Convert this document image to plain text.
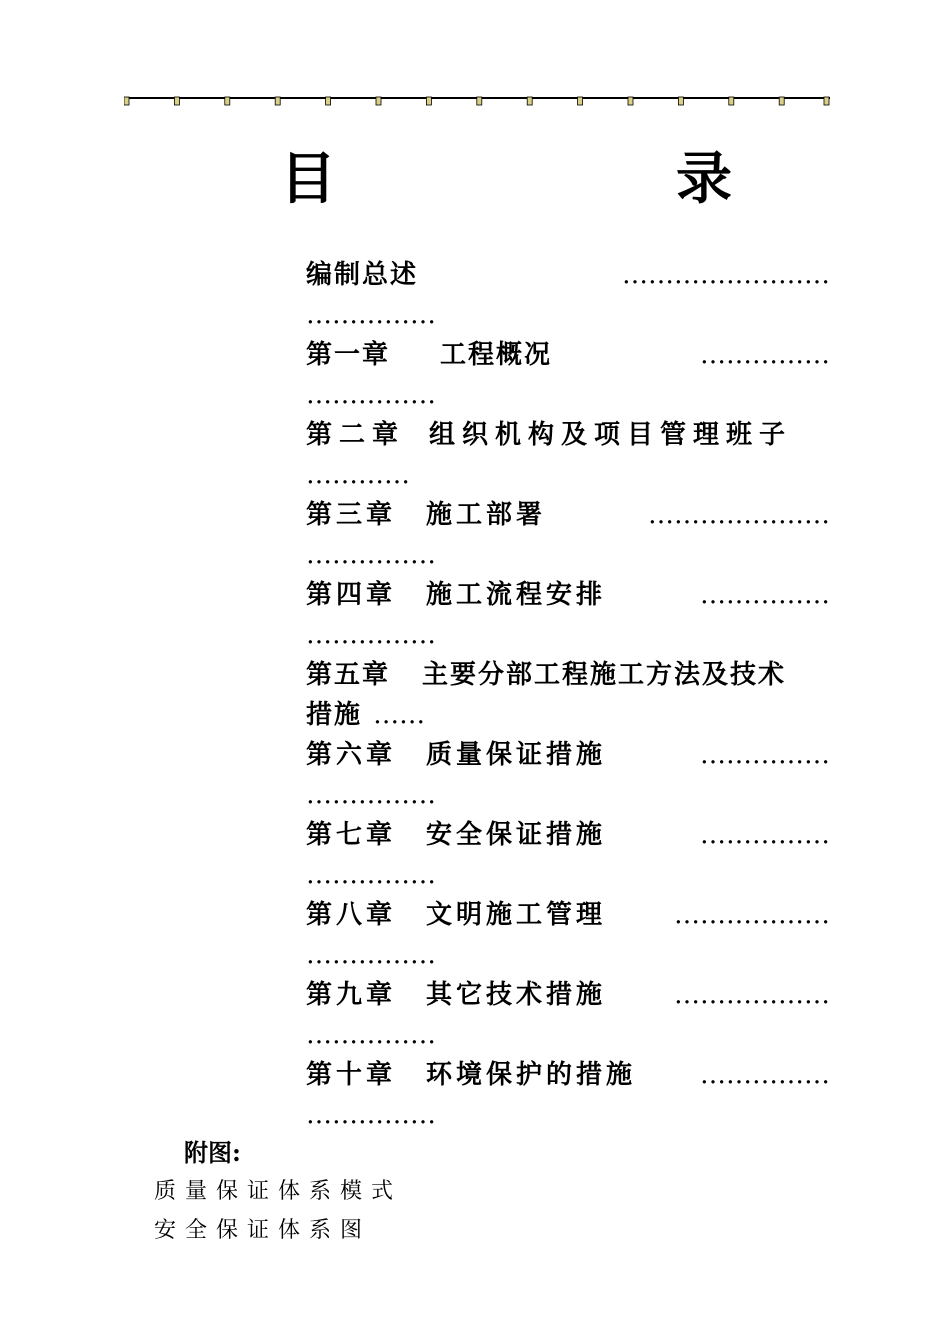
目	录
编制总述	……………………
……………
第一章 工程概况	……………
……………
第二章 组织机构及项目管理班子
…………
第三章 施工部署	…………………
……………
第四章 施工流程安排	……………
……………
第五章 主要分部工程施工方法及技术
措施 ……
第六章 质量保证措施	……………
……………
第七章 安全保证措施	……………
……………
第八章 文明施工管理	………………
……………
第九章 其它技术措施	………………
……………
第十章 环境保护的措施 ……………
……………
附图:
质量保证体系模式
安全保证体系图
